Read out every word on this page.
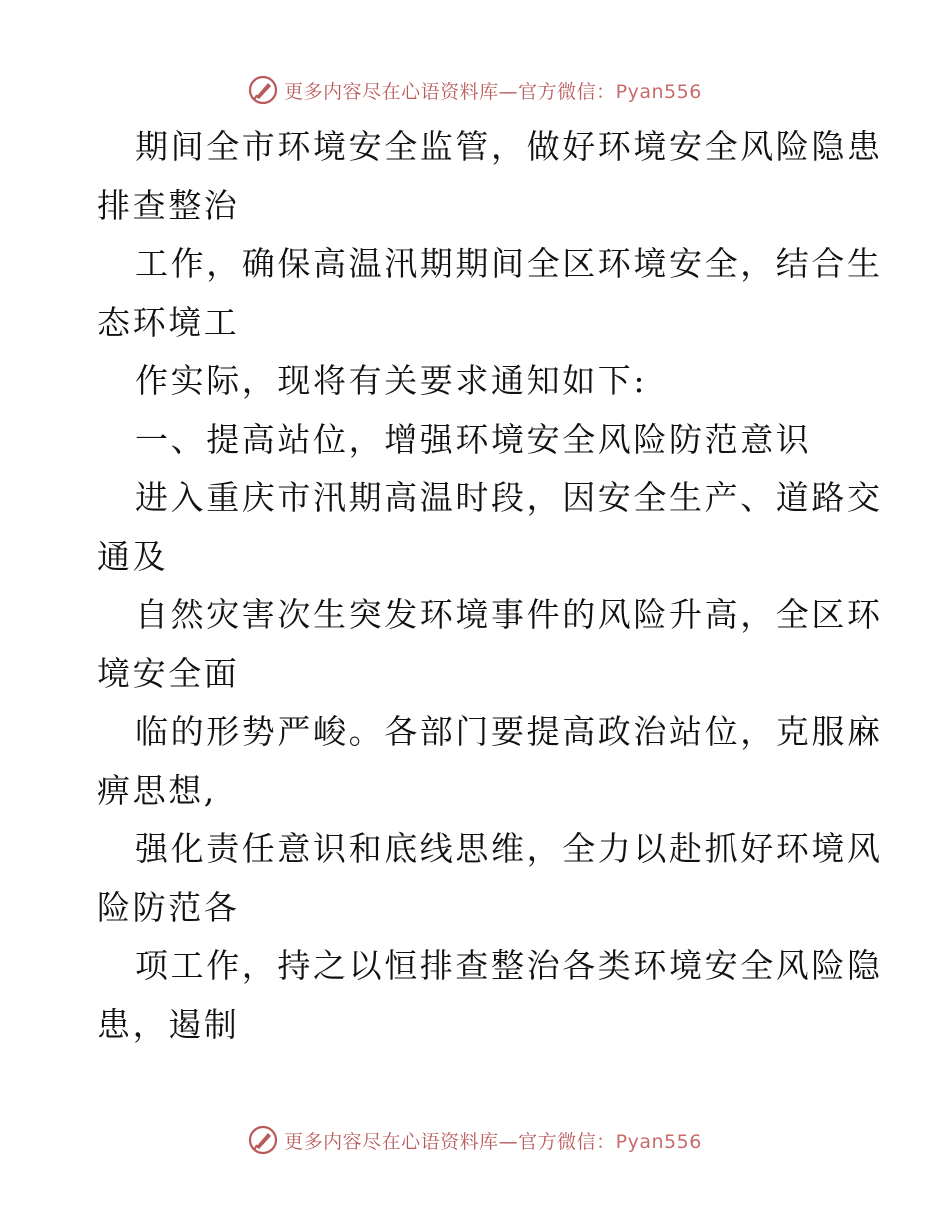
更多内容尽在心语资料库—官方微信：Pyan556
期间全市环境安全监管，做好环境安全风险隐患
排查整治
工作，确保高温汛期期间全区环境安全，结合生
态环境工
作实际，现将有关要求通知如下:
一、提高站位，增强环境安全风险防范意识
进入重庆市汛期高温时段，因安全生产、道路交
通及
自然灾害次生突发环境事件的风险升高，全区环
境安全面
临的形势严峻。各部门要提高政治站位，克服麻
痹思想,
强化责任意识和底线思维，全力以赴抓好环境风
险防范各
项工作，持之以恒排查整治各类环境安全风险隐
患，遏制
更多内容尽在心语资料库—官方微信：Pyan556
